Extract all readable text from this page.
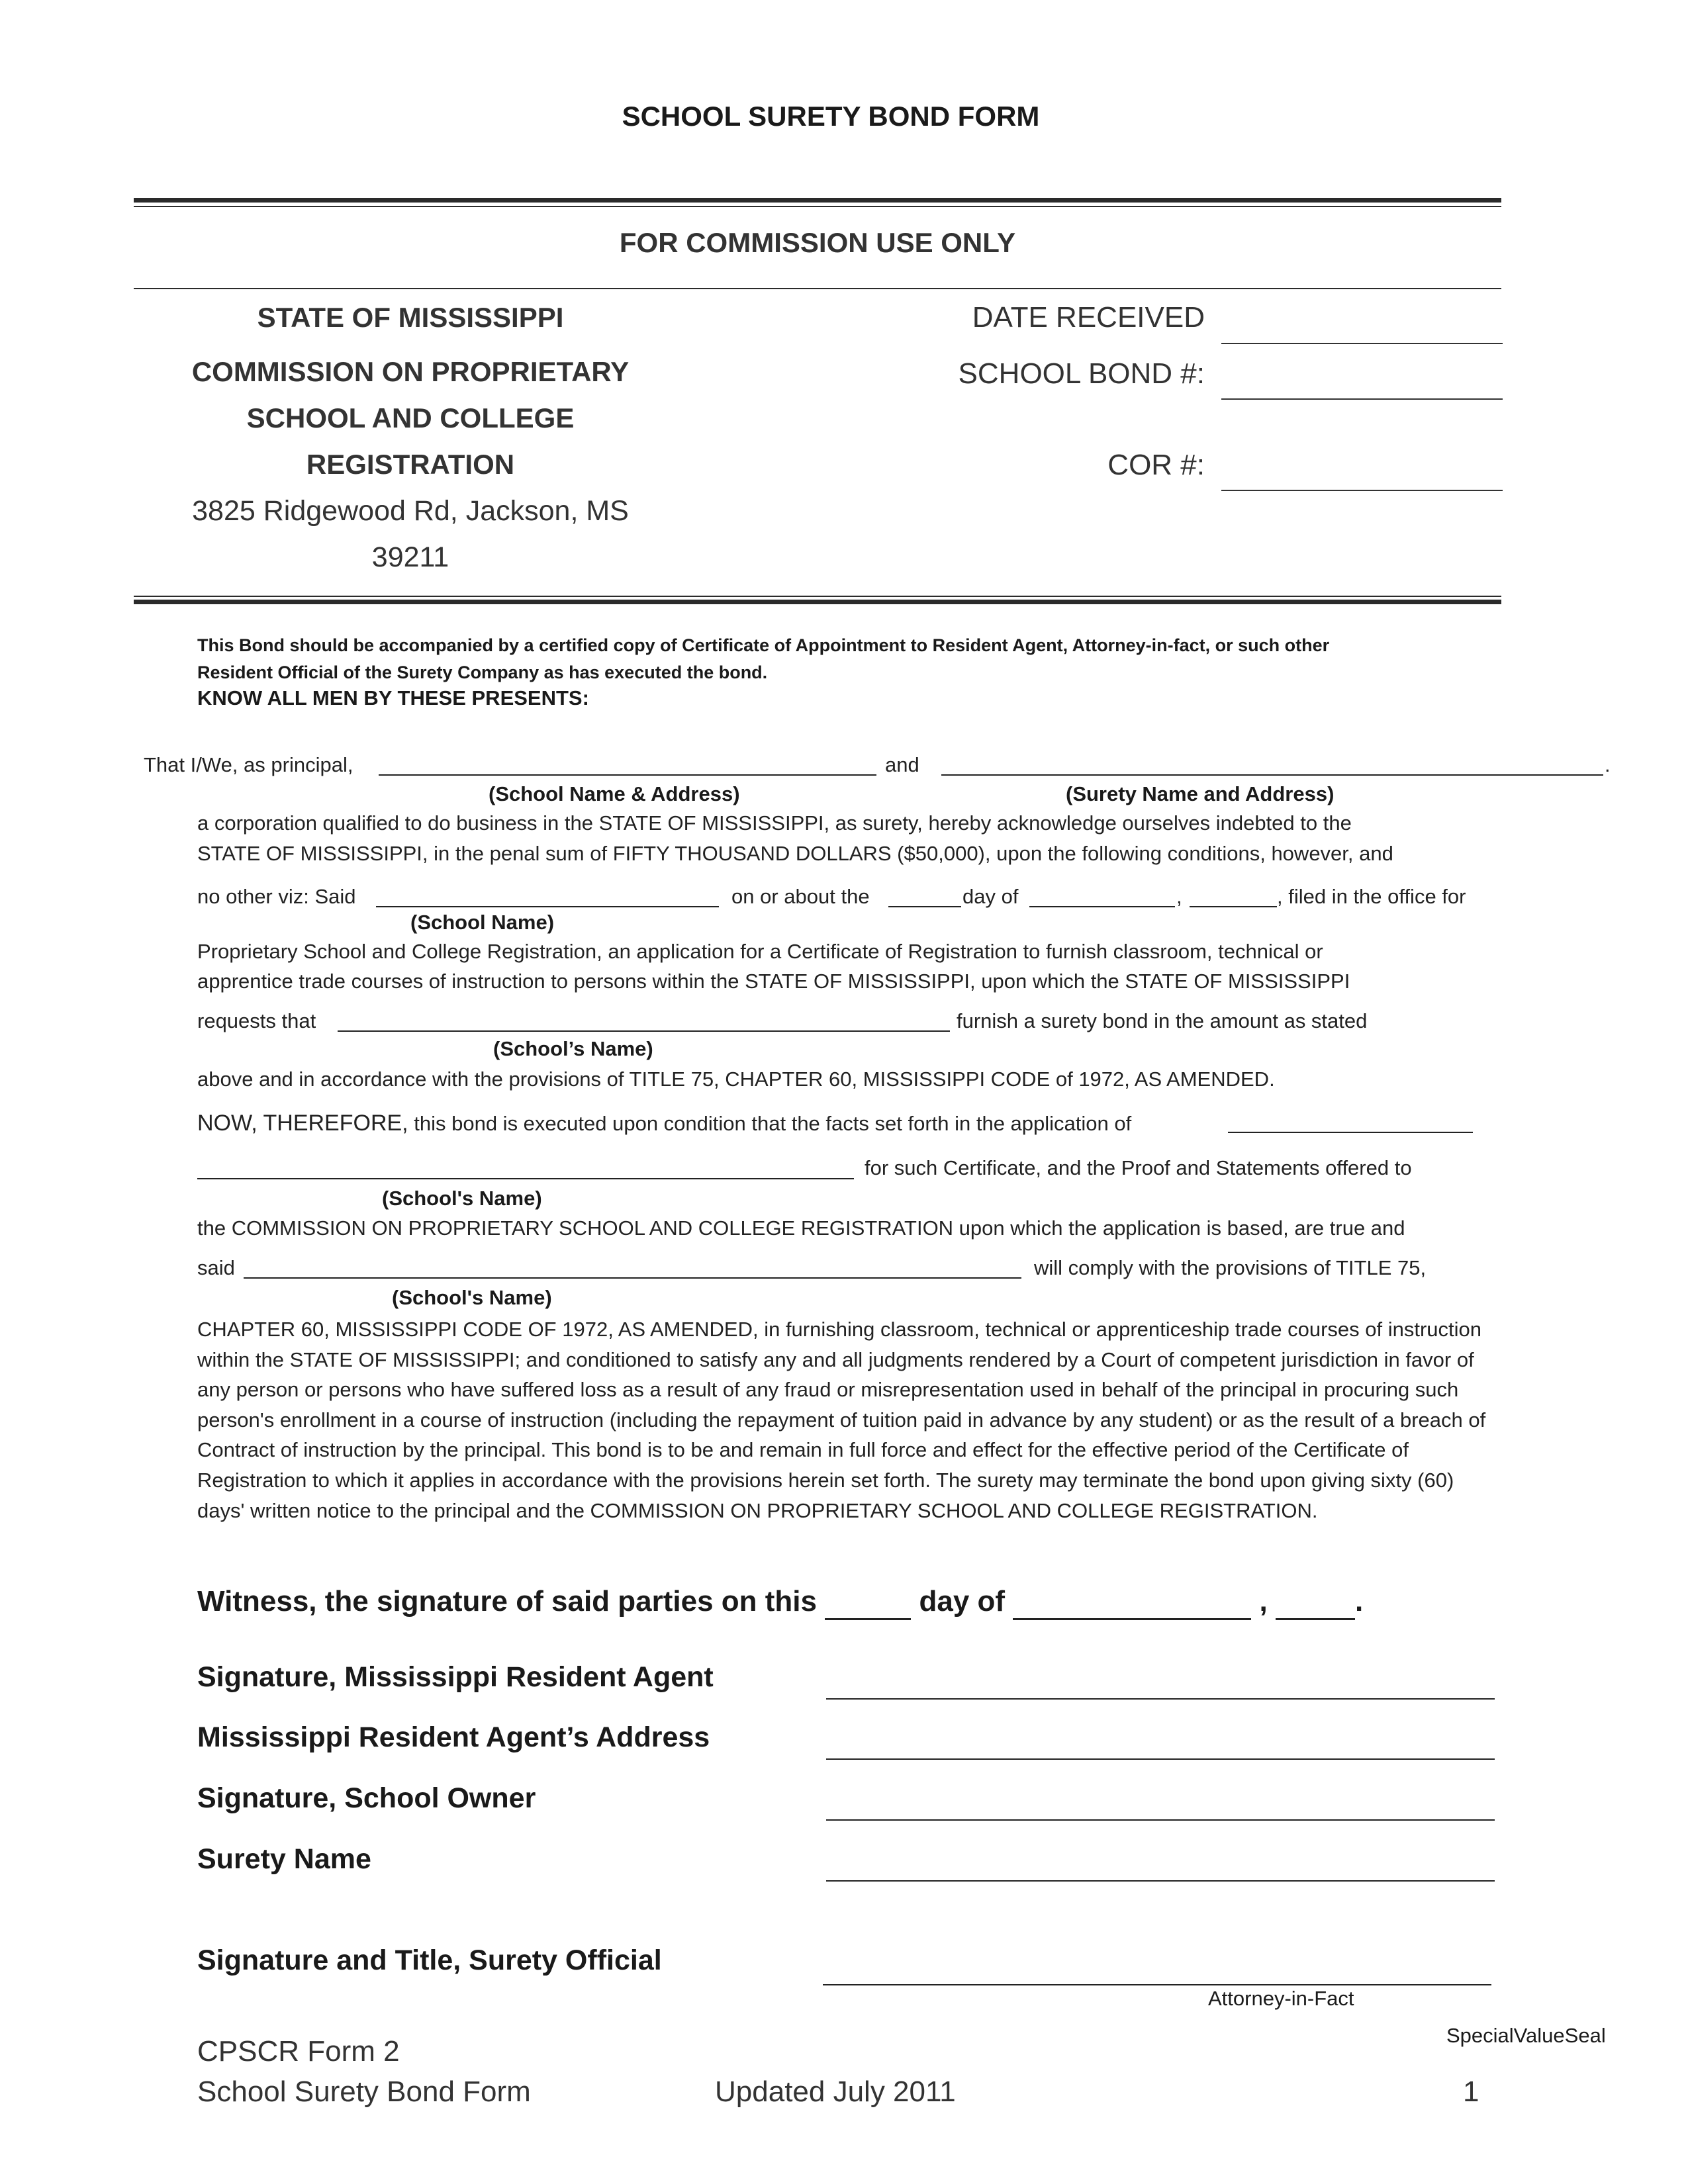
SCHOOL SURETY BOND FORM
FOR COMMISSION USE ONLY
STATE OF MISSISSIPPI
COMMISSION ON PROPRIETARY
SCHOOL AND COLLEGE
REGISTRATION
3825 Ridgewood Rd, Jackson, MS
39211
DATE RECEIVED
SCHOOL BOND #:
COR #:
This Bond should be accompanied by a certified copy of Certificate of Appointment to Resident Agent, Attorney-in-fact, or such other
Resident Official of the Surety Company as has executed the bond.
KNOW ALL MEN BY THESE PRESENTS:
That I/We, as principal,	and	.
(School Name & Address)	(Surety Name and Address)
a corporation qualified to do business in the STATE OF MISSISSIPPI, as surety, hereby acknowledge ourselves indebted to the
STATE OF MISSISSIPPI, in the penal sum of FIFTY THOUSAND DOLLARS ($50,000), upon the following conditions, however, and
no other viz: Said	on or about the	day of	,	, filed in the office for
(School Name)
Proprietary School and College Registration, an application for a Certificate of Registration to furnish classroom, technical or
apprentice trade courses of instruction to persons within the STATE OF MISSISSIPPI, upon which the STATE OF MISSISSIPPI
requests that	furnish a surety bond in the amount as stated
(School’s Name)
above and in accordance with the provisions of TITLE 75, CHAPTER 60, MISSISSIPPI CODE of 1972, AS AMENDED.
NOW, THEREFORE, this bond is executed upon condition that the facts set forth in the application of
for such Certificate, and the Proof and Statements offered to
(School's Name)
the COMMISSION ON PROPRIETARY SCHOOL AND COLLEGE REGISTRATION upon which the application is based, are true and
said	will comply with the provisions of TITLE 75,
(School's Name)
CHAPTER 60, MISSISSIPPI CODE OF 1972, AS AMENDED, in furnishing classroom, technical or apprenticeship trade courses of instruction within the STATE OF MISSISSIPPI; and conditioned to satisfy any and all judgments rendered by a Court of competent jurisdiction in favor of any person or persons who have suffered loss as a result of any fraud or misrepresentation used in behalf of the principal in procuring such person's enrollment in a course of instruction (including the repayment of tuition paid in advance by any student) or as the result of a breach of Contract of instruction by the principal. This bond is to be and remain in full force and effect for the effective period of the Certificate of Registration to which it applies in accordance with the provisions herein set forth. The surety may terminate the bond upon giving sixty (60) days' written notice to the principal and the COMMISSION ON PROPRIETARY SCHOOL AND COLLEGE REGISTRATION.
Witness, the signature of said parties on this	day of	,	.
Signature, Mississippi Resident Agent
Mississippi Resident Agent’s Address
Signature, School Owner
Surety Name
Signature and Title, Surety Official
Attorney-in-Fact
SpecialValueSeal
CPSCR Form 2
School Surety Bond Form	Updated July 2011	1
